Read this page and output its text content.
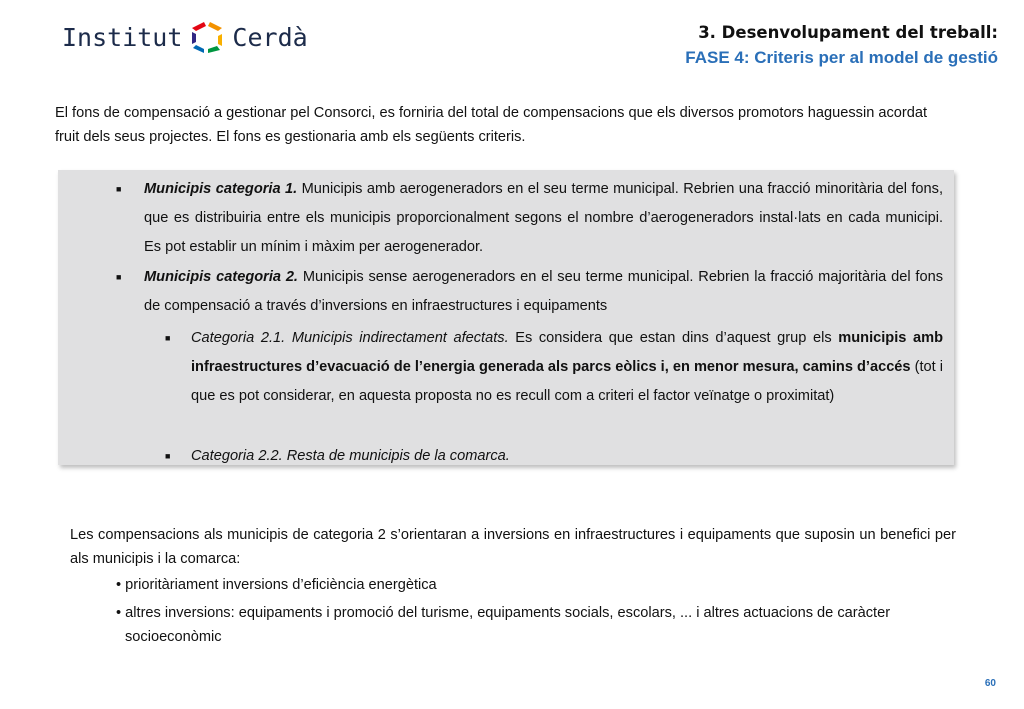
Institut Cerdà	3. Desenvolupament del treball:
FASE 4: Criteris per al model de gestió
El fons de compensació a gestionar pel Consorci, es forniria del total de compensacions que els diversos promotors haguessin acordat fruit dels seus projectes. El fons es gestionaria amb els següents criteris.
■ Municipis categoria 1. Municipis amb aerogeneradors en el seu terme municipal. Rebrien una fracció minoritària del fons, que es distribuiria entre els municipis proporcionalment segons el nombre d’aerogeneradors instal·lats en cada municipi. Es pot establir un mínim i màxim per aerogenerador.
■ Municipis categoria 2. Municipis sense aerogeneradors en el seu terme municipal. Rebrien la fracció majoritària del fons de compensació a través d’inversions en infraestructures i equipaments
■ Categoria 2.1. Municipis indirectament afectats. Es considera que estan dins d’aquest grup els municipis amb infraestructures d’evacuació de l’energia generada als parcs eòlics i, en menor mesura, camins d’accés (tot i que es pot considerar, en aquesta proposta no es recull com a criteri el factor veïnatge o proximitat)
■ Categoria 2.2. Resta de municipis de la comarca.
Les compensacions als municipis de categoria 2 s’orientaran a inversions en infraestructures i equipaments que suposin un benefici per als municipis i la comarca:
• prioritàriament inversions d’eficiència energètica
• altres inversions: equipaments i promoció del turisme, equipaments socials, escolars, ... i altres actuacions de caràcter
socioeconòmic
60
